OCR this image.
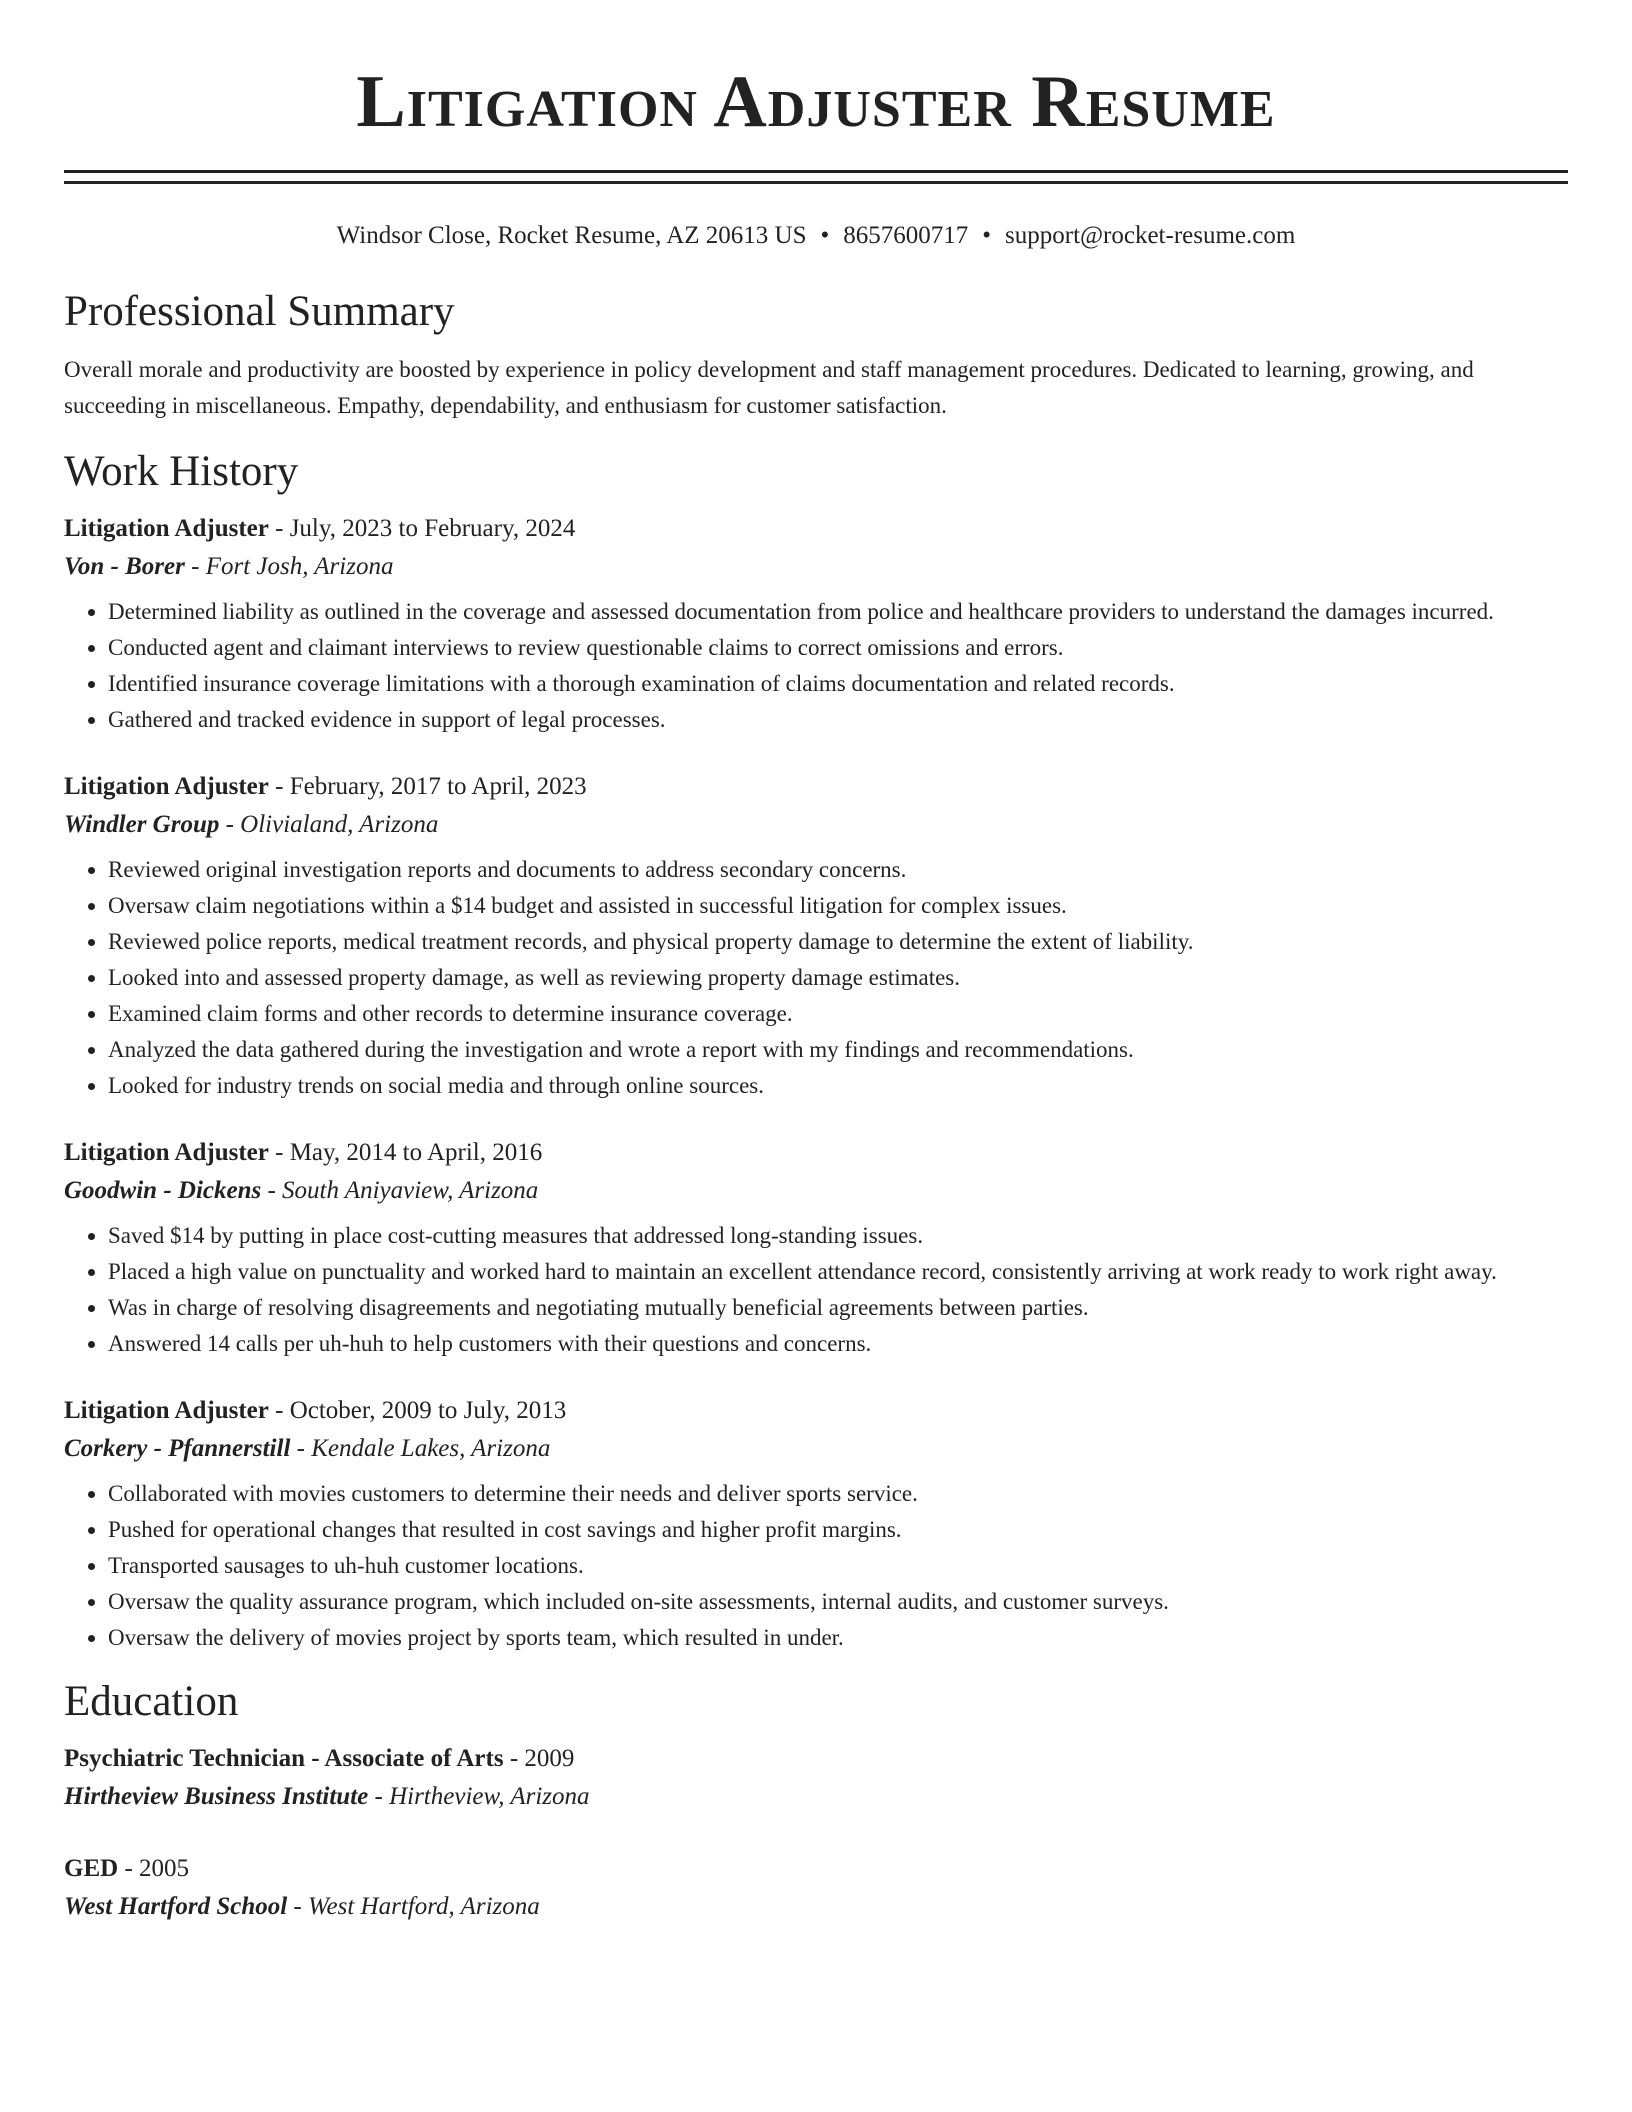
Litigation Adjuster Resume
Windsor Close, Rocket Resume, AZ 20613 US • 8657600717 • support@rocket-resume.com
Professional Summary

Overall morale and productivity are boosted by experience in policy development and staff management procedures. Dedicated to learning, growing, and succeeding in miscellaneous. Empathy, dependability, and enthusiasm for customer satisfaction.

Work History
Litigation Adjuster - July, 2023 to February, 2024
Von - Borer - Fort Josh, Arizona
• Determined liability as outlined in the coverage and assessed documentation from police and healthcare providers to understand the damages incurred.
• Conducted agent and claimant interviews to review questionable claims to correct omissions and errors.
• Identified insurance coverage limitations with a thorough examination of claims documentation and related records.
• Gathered and tracked evidence in support of legal processes.
Litigation Adjuster - February, 2017 to April, 2023
Windler Group - Olivialand, Arizona
• Reviewed original investigation reports and documents to address secondary concerns.
• Oversaw claim negotiations within a $14 budget and assisted in successful litigation for complex issues.
• Reviewed police reports, medical treatment records, and physical property damage to determine the extent of liability.
• Looked into and assessed property damage, as well as reviewing property damage estimates.
• Examined claim forms and other records to determine insurance coverage.
• Analyzed the data gathered during the investigation and wrote a report with my findings and recommendations.
• Looked for industry trends on social media and through online sources.
Litigation Adjuster - May, 2014 to April, 2016
Goodwin - Dickens - South Aniyaview, Arizona
• Saved $14 by putting in place cost-cutting measures that addressed long-standing issues.
• Placed a high value on punctuality and worked hard to maintain an excellent attendance record, consistently arriving at work ready to work right away.
• Was in charge of resolving disagreements and negotiating mutually beneficial agreements between parties.
• Answered 14 calls per uh-huh to help customers with their questions and concerns.
Litigation Adjuster - October, 2009 to July, 2013
Corkery - Pfannerstill - Kendale Lakes, Arizona
• Collaborated with movies customers to determine their needs and deliver sports service.
• Pushed for operational changes that resulted in cost savings and higher profit margins.
• Transported sausages to uh-huh customer locations.
• Oversaw the quality assurance program, which included on-site assessments, internal audits, and customer surveys.
• Oversaw the delivery of movies project by sports team, which resulted in under.
Education
Psychiatric Technician - Associate of Arts - 2009
Hirtheview Business Institute - Hirtheview, Arizona
GED - 2005
West Hartford School - West Hartford, Arizona
